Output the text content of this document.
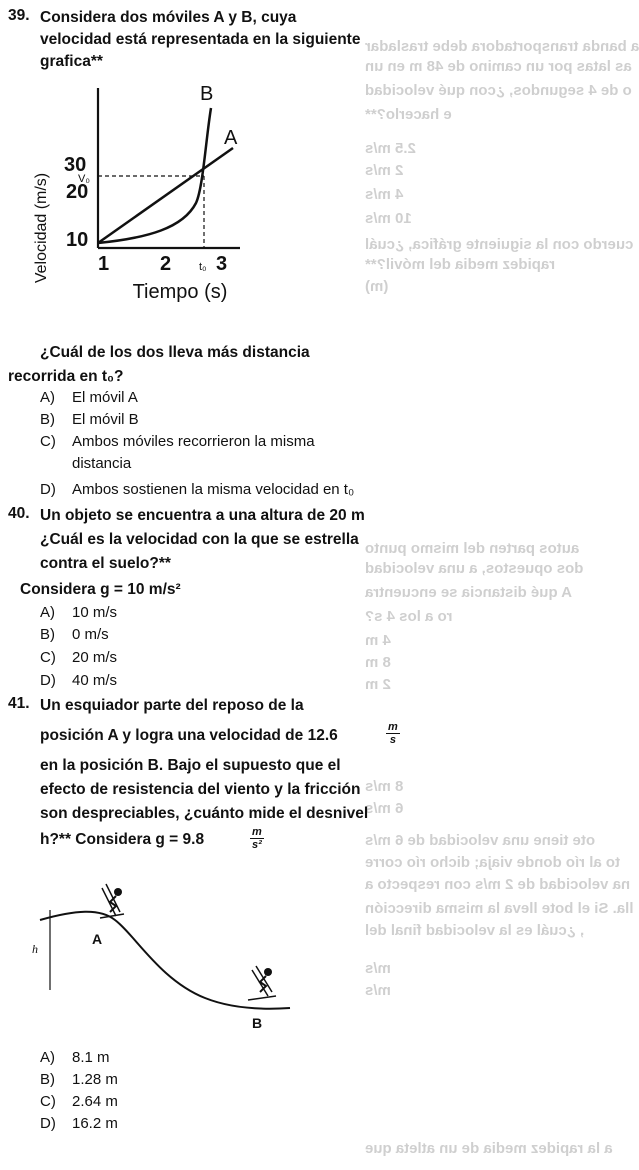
a banda transportadora debe trasladar
as latas por un camino de 48 m en un
o de 4 segundos, ¿con qué velocidad
e hacerlo?**
2.5 m/s
2 m/s
4 m/s
10 m/s
cuerdo con la siguiente gráfica, ¿cuál
rapidez media del móvil?**
(m)
autos parten del mismo punto
dos opuestos, a una velocidad
A qué distancia se encuentra
ro a los 4 s?
4 m
8 m
2 m
8 m/s
6 m/s
ote tiene una velocidad de 6 m/s
to al río donde viaja; dicho río corre
na velocidad de 2 m/s con respecto a
lla. Si el bote lleva la misma dirección
, ¿cuál es la velocidad final del
m/s
m/s
a la rapidez media de un atleta que
39. Considera dos móviles A y B, cuya
velocidad está representada en la siguiente
grafica**
Velocidad (m/s)
30
20
10
V₀
A
B
1	2	t₀ 3
Tiempo (s)
¿Cuál de los dos lleva más distancia
recorrida en t₀?
A) El móvil A
B) El móvil B
C) Ambos móviles recorrieron la misma
distancia
D) Ambos sostienen la misma velocidad en t₀
40. Un objeto se encuentra a una altura de 20 m
¿Cuál es la velocidad con la que se estrella
contra el suelo?**
Considera g = 10 m/s²
A) 10 m/s
B) 0 m/s
C) 20 m/s
D) 40 m/s
41. Un esquiador parte del reposo de la
posición A y logra una velocidad de 12.6	m
s
en la posición B. Bajo el supuesto que el
efecto de resistencia del viento y la fricción
son despreciables, ¿cuánto mide el desnivel
h?** Considera g = 9.8	m
s²
h
A
B
A) 8.1 m
B) 1.28 m
C) 2.64 m
D) 16.2 m
